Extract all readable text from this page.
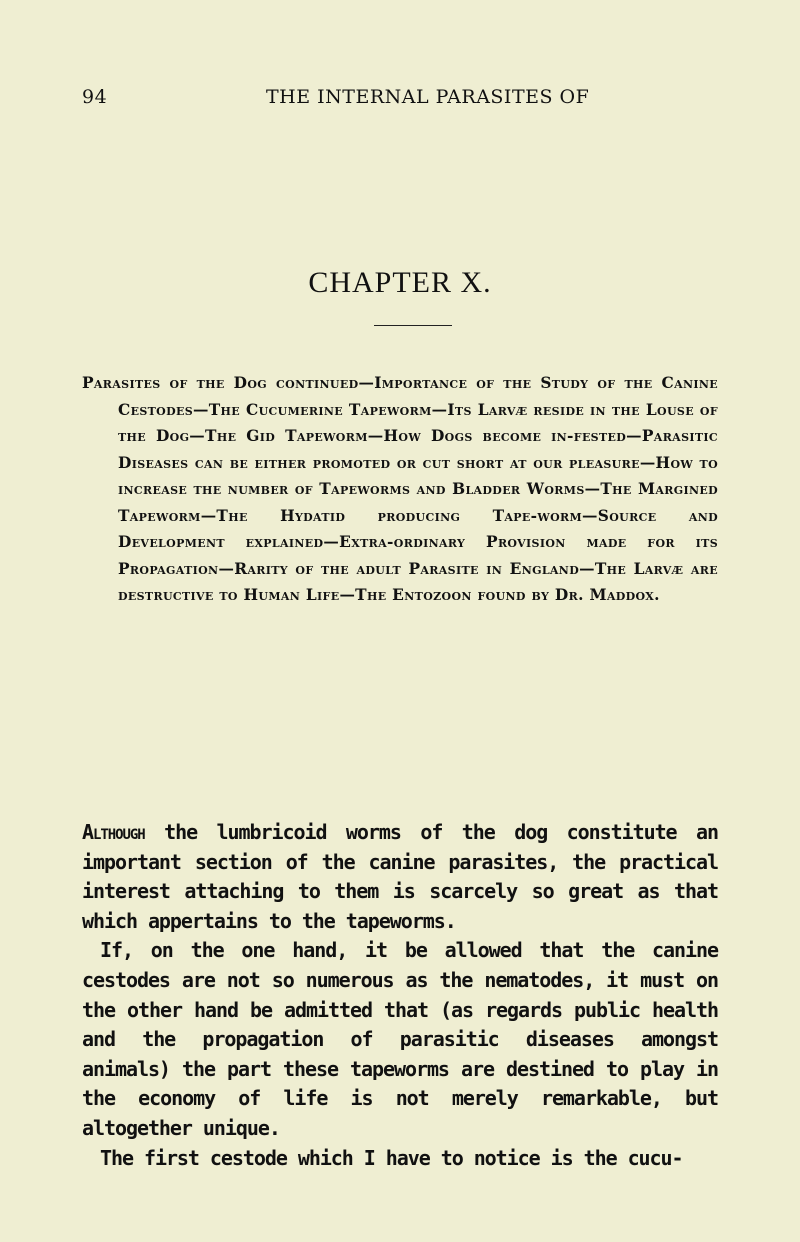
94	THE INTERNAL PARASITES OF
CHAPTER X.
Parasites of the Dog continued—Importance of the Study of the Canine Cestodes—The Cucumerine Tapeworm—Its Larvæ reside in the Louse of the Dog—The Gid Tapeworm—How Dogs become in-fested—Parasitic Diseases can be either promoted or cut short at our pleasure—How to increase the number of Tapeworms and Bladder Worms—The Margined Tapeworm—The Hydatid producing Tape-worm—Source and Development explained—Extra-ordinary Provision made for its Propagation—Rarity of the adult Parasite in England—The Larvæ are destructive to Human Life—The Entozoon found by Dr. Maddox.

Although the lumbricoid worms of the dog constitute an important section of the canine parasites, the practical interest attaching to them is scarcely so great as that which appertains to the tapeworms.

If, on the one hand, it be allowed that the canine cestodes are not so numerous as the nematodes, it must on the other hand be admitted that (as regards public health and the propagation of parasitic diseases amongst animals) the part these tapeworms are destined to play in the economy of life is not merely remarkable, but altogether unique.

The first cestode which I have to notice is the cucu-
